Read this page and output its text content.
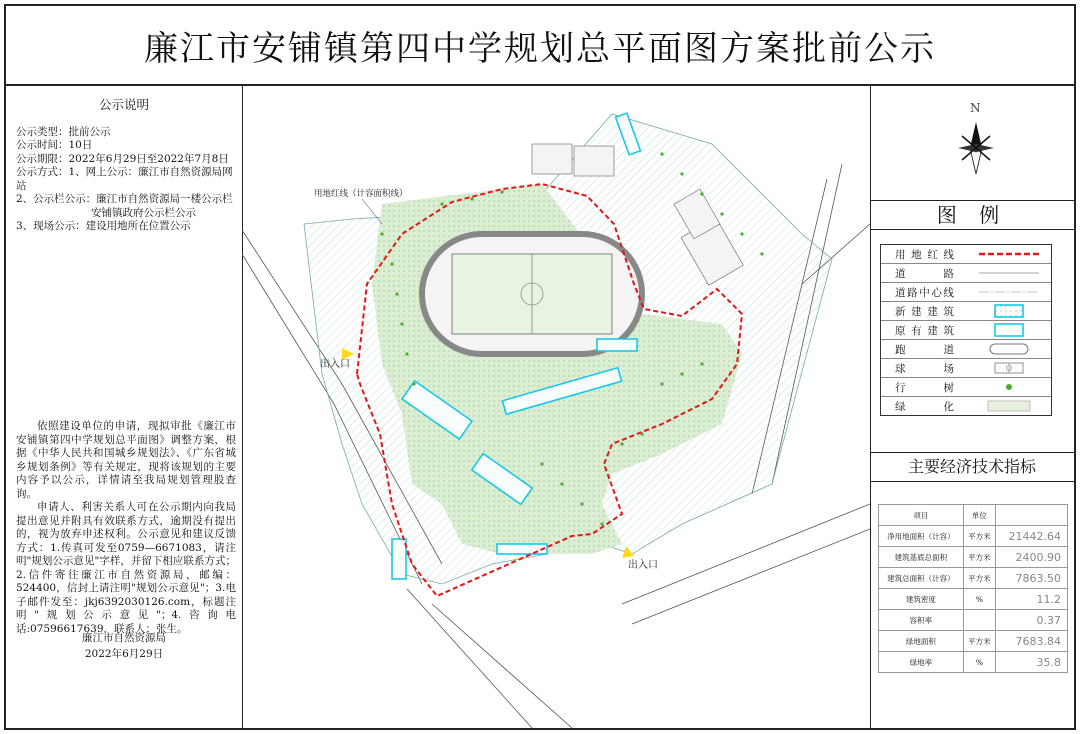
廉江市安铺镇第四中学规划总平面图方案批前公示
公示说明

公示类型：批前公示

公示时间：10日

公示期限：2022年6月29日至2022年7月8日

公示方式：1、网上公示：廉江市自然资源局网站

2、公示栏公示：廉江市自然资源局一楼公示栏

安铺镇政府公示栏公示

3、现场公示：建设用地所在位置公示

依照建设单位的申请，现拟审批《廉江市安铺镇第四中学规划总平面图》调整方案，根据《中华人民共和国城乡规划法》、《广东省城乡规划条例》等有关规定，现将该规划的主要内容予以公示，详情请至我局规划管理股查询。

申请人、利害关系人可在公示期内向我局提出意见并附具有效联系方式，逾期没有提出的，视为放弃申述权利。公示意见和建议反馈方式：1.传真可发至0759—6671083，请注明"规划公示意见"字样，并留下相应联系方式；2.信件寄往廉江市自然资源局，邮编：524400，信封上请注明"规划公示意见"；3.电子邮件发至：jkj6392030126.com，标题注明"规划公示意见"；4.咨询电话:07596617639，联系人：张生。

廉江市自然资源局
2022年6月29日
用地红线（计容面积线）
出入口
出入口
N
图 例
用地红线
道　　路
道路中心线
新建建筑
原有建筑
跑　　道
球　　场
行　　树
绿　　化
主要经济技术指标
项目	单位	
净用地面积（计容）	平方米	21442.64
建筑基底总面积	平方米	2400.90
建筑总面积（计容）	平方米	7863.50
建筑密度	%	11.2
容积率		0.37
绿地面积	平方米	7683.84
绿地率	%	35.8
